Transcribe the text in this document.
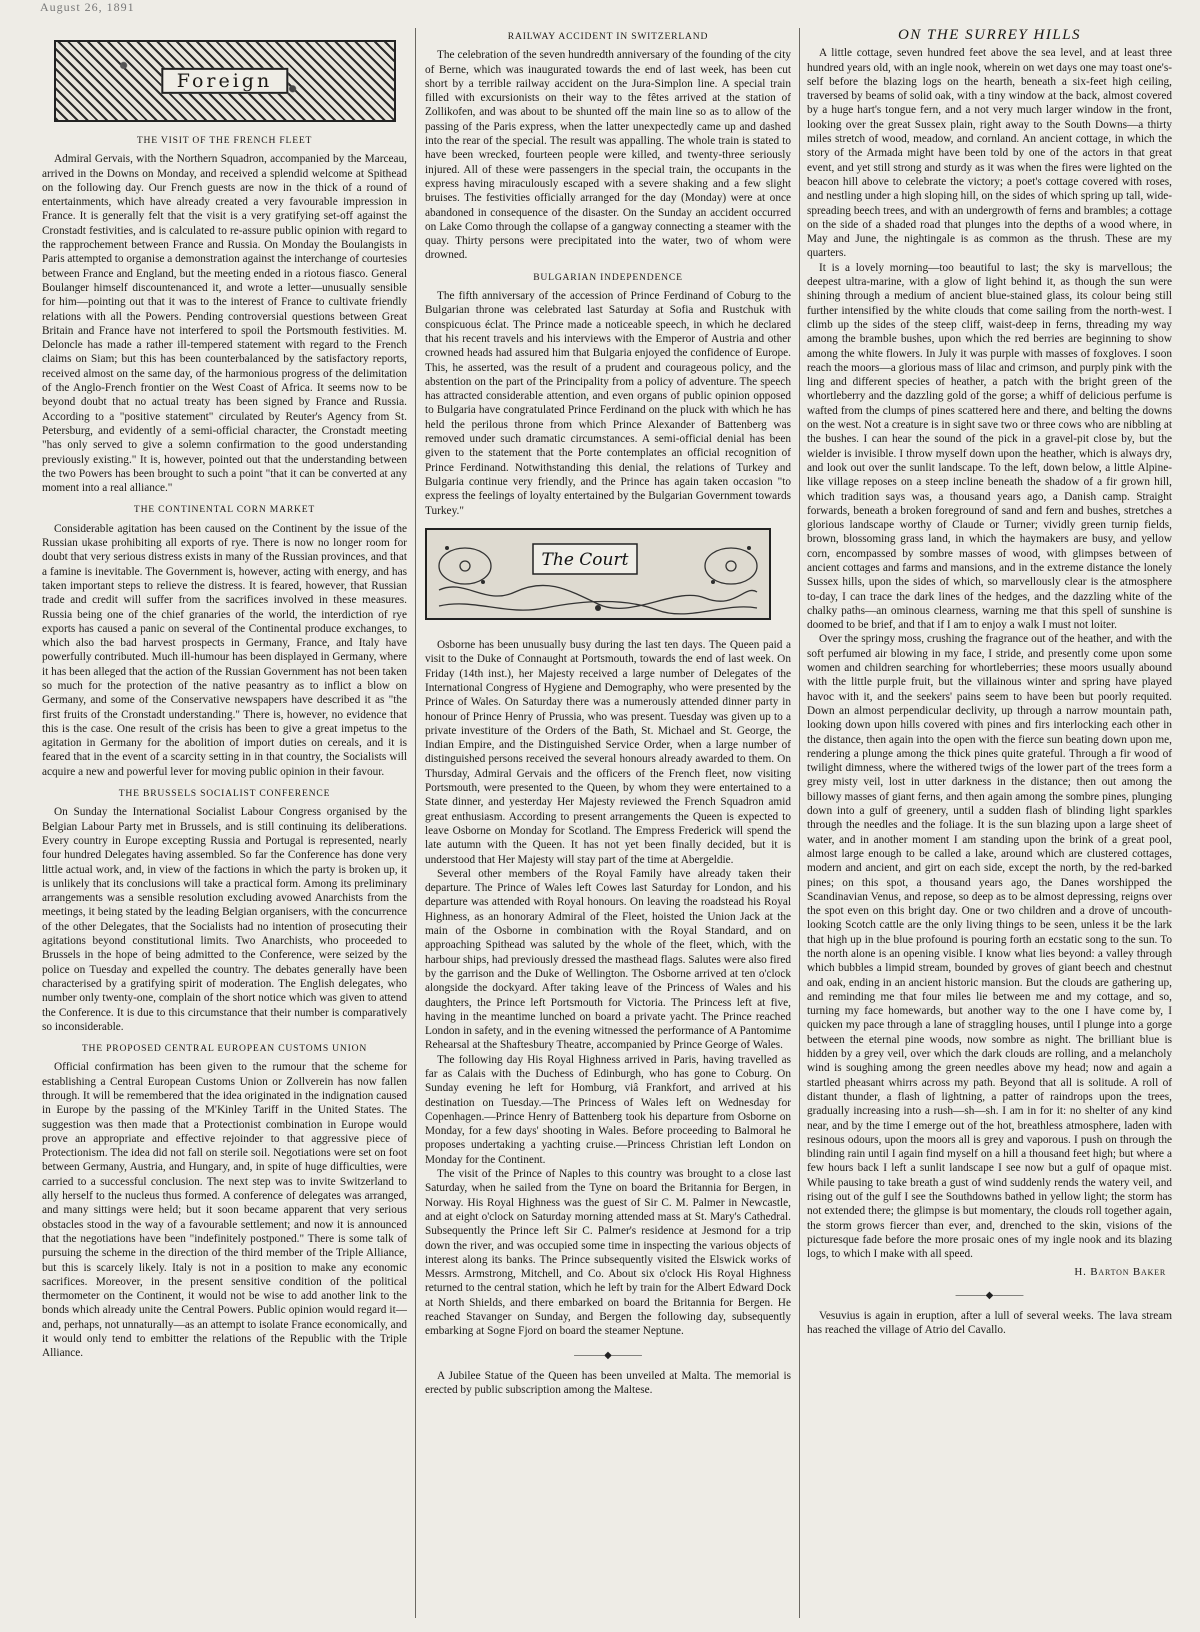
August 26, 1891
Foreign
THE VISIT OF THE FRENCH FLEET

Admiral Gervais, with the Northern Squadron, accompanied by the Marceau, arrived in the Downs on Monday, and received a splendid welcome at Spithead on the following day. Our French guests are now in the thick of a round of entertainments, which have already created a very favourable impression in France. It is generally felt that the visit is a very gratifying set-off against the Cronstadt festivities, and is calculated to re-assure public opinion with regard to the rapprochement between France and Russia. On Monday the Boulangists in Paris attempted to organise a demonstration against the interchange of courtesies between France and England, but the meeting ended in a riotous fiasco. General Boulanger himself discountenanced it, and wrote a letter—unusually sensible for him—pointing out that it was to the interest of France to cultivate friendly relations with all the Powers. Pending controversial questions between Great Britain and France have not interfered to spoil the Portsmouth festivities. M. Deloncle has made a rather ill-tempered statement with regard to the French claims on Siam; but this has been counterbalanced by the satisfactory reports, received almost on the same day, of the harmonious progress of the delimitation of the Anglo-French frontier on the West Coast of Africa. It seems now to be beyond doubt that no actual treaty has been signed by France and Russia. According to a "positive statement" circulated by Reuter's Agency from St. Petersburg, and evidently of a semi-official character, the Cronstadt meeting "has only served to give a solemn confirmation to the good understanding previously existing." It is, however, pointed out that the understanding between the two Powers has been brought to such a point "that it can be converted at any moment into a real alliance."

THE CONTINENTAL CORN MARKET

Considerable agitation has been caused on the Continent by the issue of the Russian ukase prohibiting all exports of rye. There is now no longer room for doubt that very serious distress exists in many of the Russian provinces, and that a famine is inevitable. The Government is, however, acting with energy, and has taken important steps to relieve the distress. It is feared, however, that Russian trade and credit will suffer from the sacrifices involved in these measures. Russia being one of the chief granaries of the world, the interdiction of rye exports has caused a panic on several of the Continental produce exchanges, to which also the bad harvest prospects in Germany, France, and Italy have powerfully contributed. Much ill-humour has been displayed in Germany, where it has been alleged that the action of the Russian Government has not been taken so much for the protection of the native peasantry as to inflict a blow on Germany, and some of the Conservative newspapers have described it as "the first fruits of the Cronstadt understanding." There is, however, no evidence that this is the case. One result of the crisis has been to give a great impetus to the agitation in Germany for the abolition of import duties on cereals, and it is feared that in the event of a scarcity setting in in that country, the Socialists will acquire a new and powerful lever for moving public opinion in their favour.

THE BRUSSELS SOCIALIST CONFERENCE

On Sunday the International Socialist Labour Congress organised by the Belgian Labour Party met in Brussels, and is still continuing its deliberations. Every country in Europe excepting Russia and Portugal is represented, nearly four hundred Delegates having assembled. So far the Conference has done very little actual work, and, in view of the factions in which the party is broken up, it is unlikely that its conclusions will take a practical form. Among its preliminary arrangements was a sensible resolution excluding avowed Anarchists from the meetings, it being stated by the leading Belgian organisers, with the concurrence of the other Delegates, that the Socialists had no intention of prosecuting their agitations beyond constitutional limits. Two Anarchists, who proceeded to Brussels in the hope of being admitted to the Conference, were seized by the police on Tuesday and expelled the country. The debates generally have been characterised by a gratifying spirit of moderation. The English delegates, who number only twenty-one, complain of the short notice which was given to attend the Conference. It is due to this circumstance that their number is comparatively so inconsiderable.

THE PROPOSED CENTRAL EUROPEAN CUSTOMS UNION

Official confirmation has been given to the rumour that the scheme for establishing a Central European Customs Union or Zollverein has now fallen through. It will be remembered that the idea originated in the indignation caused in Europe by the passing of the M'Kinley Tariff in the United States. The suggestion was then made that a Protectionist combination in Europe would prove an appropriate and effective rejoinder to that aggressive piece of Protectionism. The idea did not fall on sterile soil. Negotiations were set on foot between Germany, Austria, and Hungary, and, in spite of huge difficulties, were carried to a successful conclusion. The next step was to invite Switzerland to ally herself to the nucleus thus formed. A conference of delegates was arranged, and many sittings were held; but it soon became apparent that very serious obstacles stood in the way of a favourable settlement; and now it is announced that the negotiations have been "indefinitely postponed." There is some talk of pursuing the scheme in the direction of the third member of the Triple Alliance, but this is scarcely likely. Italy is not in a position to make any economic sacrifices. Moreover, in the present sensitive condition of the political thermometer on the Continent, it would not be wise to add another link to the bonds which already unite the Central Powers. Public opinion would regard it—and, perhaps, not unnaturally—as an attempt to isolate France economically, and it would only tend to embitter the relations of the Republic with the Triple Alliance.

RAILWAY ACCIDENT IN SWITZERLAND

The celebration of the seven hundredth anniversary of the founding of the city of Berne, which was inaugurated towards the end of last week, has been cut short by a terrible railway accident on the Jura-Simplon line. A special train filled with excursionists on their way to the fêtes arrived at the station of Zollikofen, and was about to be shunted off the main line so as to allow of the passing of the Paris express, when the latter unexpectedly came up and dashed into the rear of the special. The result was appalling. The whole train is stated to have been wrecked, fourteen people were killed, and twenty-three seriously injured. All of these were passengers in the special train, the occupants in the express having miraculously escaped with a severe shaking and a few slight bruises. The festivities officially arranged for the day (Monday) were at once abandoned in consequence of the disaster. On the Sunday an accident occurred on Lake Como through the collapse of a gangway connecting a steamer with the quay. Thirty persons were precipitated into the water, two of whom were drowned.

BULGARIAN INDEPENDENCE

The fifth anniversary of the accession of Prince Ferdinand of Coburg to the Bulgarian throne was celebrated last Saturday at Sofia and Rustchuk with conspicuous éclat. The Prince made a noticeable speech, in which he declared that his recent travels and his interviews with the Emperor of Austria and other crowned heads had assured him that Bulgaria enjoyed the confidence of Europe. This, he asserted, was the result of a prudent and courageous policy, and the abstention on the part of the Principality from a policy of adventure. The speech has attracted considerable attention, and even organs of public opinion opposed to Bulgaria have congratulated Prince Ferdinand on the pluck with which he has held the perilous throne from which Prince Alexander of Battenberg was removed under such dramatic circumstances. A semi-official denial has been given to the statement that the Porte contemplates an official recognition of Prince Ferdinand. Notwithstanding this denial, the relations of Turkey and Bulgaria continue very friendly, and the Prince has again taken occasion "to express the feelings of loyalty entertained by the Bulgarian Government towards Turkey."

The Court

Osborne has been unusually busy during the last ten days. The Queen paid a visit to the Duke of Connaught at Portsmouth, towards the end of last week. On Friday (14th inst.), her Majesty received a large number of Delegates of the International Congress of Hygiene and Demography, who were presented by the Prince of Wales. On Saturday there was a numerously attended dinner party in honour of Prince Henry of Prussia, who was present. Tuesday was given up to a private investiture of the Orders of the Bath, St. Michael and St. George, the Indian Empire, and the Distinguished Service Order, when a large number of distinguished persons received the several honours already awarded to them. On Thursday, Admiral Gervais and the officers of the French fleet, now visiting Portsmouth, were presented to the Queen, by whom they were entertained to a State dinner, and yesterday Her Majesty reviewed the French Squadron amid great enthusiasm. According to present arrangements the Queen is expected to leave Osborne on Monday for Scotland. The Empress Frederick will spend the late autumn with the Queen. It has not yet been finally decided, but it is understood that Her Majesty will stay part of the time at Abergeldie.

Several other members of the Royal Family have already taken their departure. The Prince of Wales left Cowes last Saturday for London, and his departure was attended with Royal honours. On leaving the roadstead his Royal Highness, as an honorary Admiral of the Fleet, hoisted the Union Jack at the main of the Osborne in combination with the Royal Standard, and on approaching Spithead was saluted by the whole of the fleet, which, with the harbour ships, had previously dressed the masthead flags. Salutes were also fired by the garrison and the Duke of Wellington. The Osborne arrived at ten o'clock alongside the dockyard. After taking leave of the Princess of Wales and his daughters, the Prince left Portsmouth for Victoria. The Princess left at five, having in the meantime lunched on board a private yacht. The Prince reached London in safety, and in the evening witnessed the performance of A Pantomime Rehearsal at the Shaftesbury Theatre, accompanied by Prince George of Wales.

The following day His Royal Highness arrived in Paris, having travelled as far as Calais with the Duchess of Edinburgh, who has gone to Coburg. On Sunday evening he left for Homburg, viâ Frankfort, and arrived at his destination on Tuesday.—The Princess of Wales left on Wednesday for Copenhagen.—Prince Henry of Battenberg took his departure from Osborne on Monday, for a few days' shooting in Wales. Before proceeding to Balmoral he proposes undertaking a yachting cruise.—Princess Christian left London on Monday for the Continent.

The visit of the Prince of Naples to this country was brought to a close last Saturday, when he sailed from the Tyne on board the Britannia for Bergen, in Norway. His Royal Highness was the guest of Sir C. M. Palmer in Newcastle, and at eight o'clock on Saturday morning attended mass at St. Mary's Cathedral. Subsequently the Prince left Sir C. Palmer's residence at Jesmond for a trip down the river, and was occupied some time in inspecting the various objects of interest along its banks. The Prince subsequently visited the Elswick works of Messrs. Armstrong, Mitchell, and Co. About six o'clock His Royal Highness returned to the central station, which he left by train for the Albert Edward Dock at North Shields, and there embarked on board the Britannia for Bergen. He reached Stavanger on Sunday, and Bergen the following day, subsequently embarking at Sogne Fjord on board the steamer Neptune.

———◆———

A Jubilee Statue of the Queen has been unveiled at Malta. The memorial is erected by public subscription among the Maltese.

ON THE SURREY HILLS

A little cottage, seven hundred feet above the sea level, and at least three hundred years old, with an ingle nook, wherein on wet days one may toast one's-self before the blazing logs on the hearth, beneath a six-feet high ceiling, traversed by beams of solid oak, with a tiny window at the back, almost covered by a huge hart's tongue fern, and a not very much larger window in the front, looking over the great Sussex plain, right away to the South Downs—a thirty miles stretch of wood, meadow, and cornland. An ancient cottage, in which the story of the Armada might have been told by one of the actors in that great event, and yet still strong and sturdy as it was when the fires were lighted on the beacon hill above to celebrate the victory; a poet's cottage covered with roses, and nestling under a high sloping hill, on the sides of which spring up tall, wide-spreading beech trees, and with an undergrowth of ferns and brambles; a cottage on the side of a shaded road that plunges into the depths of a wood where, in May and June, the nightingale is as common as the thrush. These are my quarters.

It is a lovely morning—too beautiful to last; the sky is marvellous; the deepest ultra-marine, with a glow of light behind it, as though the sun were shining through a medium of ancient blue-stained glass, its colour being still further intensified by the white clouds that come sailing from the north-west. I climb up the sides of the steep cliff, waist-deep in ferns, threading my way among the bramble bushes, upon which the red berries are beginning to show among the white flowers. In July it was purple with masses of foxgloves. I soon reach the moors—a glorious mass of lilac and crimson, and purply pink with the ling and different species of heather, a patch with the bright green of the whortleberry and the dazzling gold of the gorse; a whiff of delicious perfume is wafted from the clumps of pines scattered here and there, and belting the downs on the west. Not a creature is in sight save two or three cows who are nibbling at the bushes. I can hear the sound of the pick in a gravel-pit close by, but the wielder is invisible. I throw myself down upon the heather, which is always dry, and look out over the sunlit landscape. To the left, down below, a little Alpine-like village reposes on a steep incline beneath the shadow of a fir grown hill, which tradition says was, a thousand years ago, a Danish camp. Straight forwards, beneath a broken foreground of sand and fern and bushes, stretches a glorious landscape worthy of Claude or Turner; vividly green turnip fields, brown, blossoming grass land, in which the haymakers are busy, and yellow corn, encompassed by sombre masses of wood, with glimpses between of ancient cottages and farms and mansions, and in the extreme distance the lonely Sussex hills, upon the sides of which, so marvellously clear is the atmosphere to-day, I can trace the dark lines of the hedges, and the dazzling white of the chalky paths—an ominous clearness, warning me that this spell of sunshine is doomed to be brief, and that if I am to enjoy a walk I must not loiter.

Over the springy moss, crushing the fragrance out of the heather, and with the soft perfumed air blowing in my face, I stride, and presently come upon some women and children searching for whortleberries; these moors usually abound with the little purple fruit, but the villainous winter and spring have played havoc with it, and the seekers' pains seem to have been but poorly requited. Down an almost perpendicular declivity, up through a narrow mountain path, looking down upon hills covered with pines and firs interlocking each other in the distance, then again into the open with the fierce sun beating down upon me, rendering a plunge among the thick pines quite grateful. Through a fir wood of twilight dimness, where the withered twigs of the lower part of the trees form a grey misty veil, lost in utter darkness in the distance; then out among the billowy masses of giant ferns, and then again among the sombre pines, plunging down into a gulf of greenery, until a sudden flash of blinding light sparkles through the needles and the foliage. It is the sun blazing upon a large sheet of water, and in another moment I am standing upon the brink of a great pool, almost large enough to be called a lake, around which are clustered cottages, modern and ancient, and girt on each side, except the north, by the red-barked pines; on this spot, a thousand years ago, the Danes worshipped the Scandinavian Venus, and repose, so deep as to be almost depressing, reigns over the spot even on this bright day. One or two children and a drove of uncouth-looking Scotch cattle are the only living things to be seen, unless it be the lark that high up in the blue profound is pouring forth an ecstatic song to the sun. To the north alone is an opening visible. I know what lies beyond: a valley through which bubbles a limpid stream, bounded by groves of giant beech and chestnut and oak, ending in an ancient historic mansion. But the clouds are gathering up, and reminding me that four miles lie between me and my cottage, and so, turning my face homewards, but another way to the one I have come by, I quicken my pace through a lane of straggling houses, until I plunge into a gorge between the eternal pine woods, now sombre as night. The brilliant blue is hidden by a grey veil, over which the dark clouds are rolling, and a melancholy wind is soughing among the green needles above my head; now and again a startled pheasant whirrs across my path. Beyond that all is solitude. A roll of distant thunder, a flash of lightning, a patter of raindrops upon the trees, gradually increasing into a rush—sh—sh. I am in for it: no shelter of any kind near, and by the time I emerge out of the hot, breathless atmosphere, laden with resinous odours, upon the moors all is grey and vaporous. I push on through the blinding rain until I again find myself on a hill a thousand feet high; but where a few hours back I left a sunlit landscape I see now but a gulf of opaque mist. While pausing to take breath a gust of wind suddenly rends the watery veil, and rising out of the gulf I see the Southdowns bathed in yellow light; the storm has not extended there; the glimpse is but momentary, the clouds roll together again, the storm grows fiercer than ever, and, drenched to the skin, visions of the picturesque fade before the more prosaic ones of my ingle nook and its blazing logs, to which I make with all speed.

H. Barton Baker
———◆———

Vesuvius is again in eruption, after a lull of several weeks. The lava stream has reached the village of Atrio del Cavallo.
